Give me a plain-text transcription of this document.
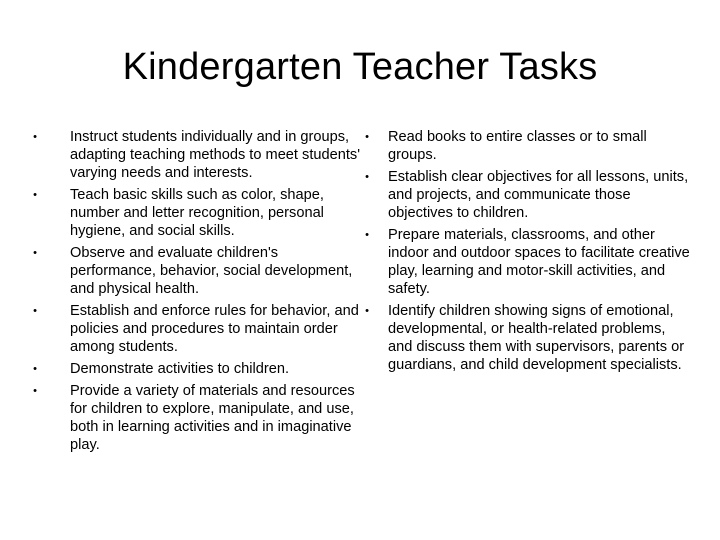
Kindergarten Teacher Tasks
• Instruct students individually and in groups, adapting teaching methods to meet students' varying needs and interests.
• Teach basic skills such as color, shape, number and letter recognition, personal hygiene, and social skills.
• Observe and evaluate children's performance, behavior, social development, and physical health.
• Establish and enforce rules for behavior, and policies and procedures to maintain order among students.
• Demonstrate activities to children.
• Provide a variety of materials and resources for children to explore, manipulate, and use, both in learning activities and in imaginative play.
• Read books to entire classes or to small groups.
• Establish clear objectives for all lessons, units, and projects, and communicate those objectives to children.
• Prepare materials, classrooms, and other indoor and outdoor spaces to facilitate creative play, learning and motor-skill activities, and safety.
• Identify children showing signs of emotional, developmental, or health-related problems, and discuss them with supervisors, parents or guardians, and child development specialists.
